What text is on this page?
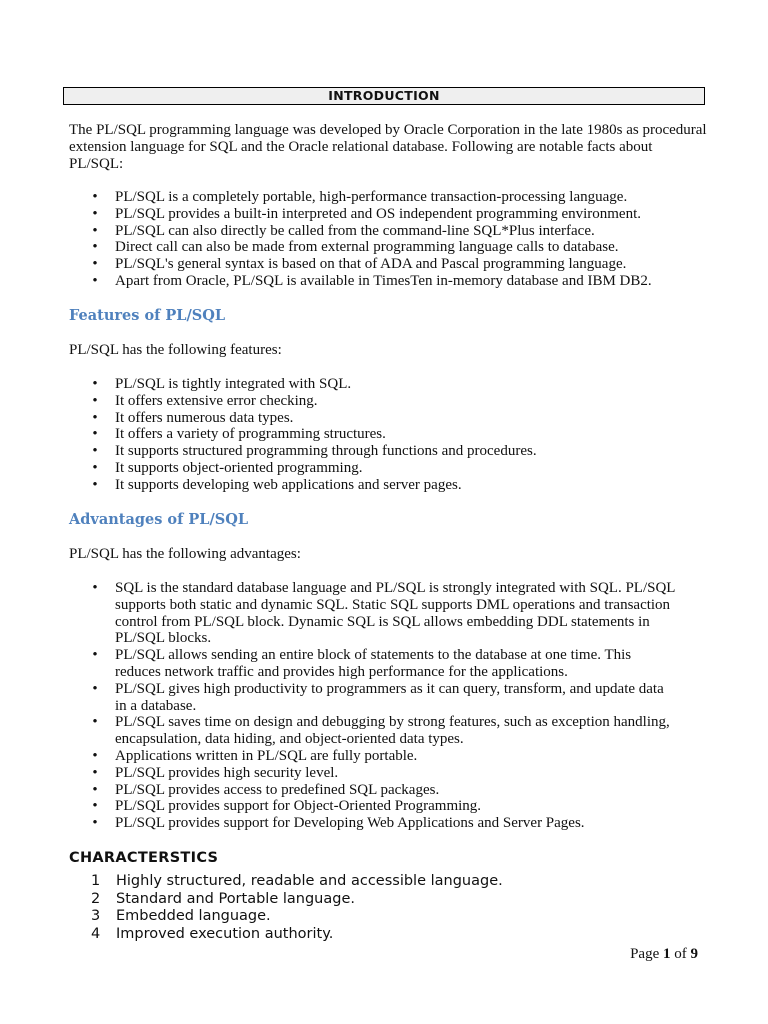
INTRODUCTION

The PL/SQL programming language was developed by Oracle Corporation in the late 1980s as procedural extension language for SQL and the Oracle relational database. Following are notable facts about PL/SQL:

• PL/SQL is a completely portable, high-performance transaction-processing language.
• PL/SQL provides a built-in interpreted and OS independent programming environment.
• PL/SQL can also directly be called from the command-line SQL*Plus interface.
• Direct call can also be made from external programming language calls to database.
• PL/SQL's general syntax is based on that of ADA and Pascal programming language.
• Apart from Oracle, PL/SQL is available in TimesTen in-memory database and IBM DB2.
Features of PL/SQL

PL/SQL has the following features:

• PL/SQL is tightly integrated with SQL.
• It offers extensive error checking.
• It offers numerous data types.
• It offers a variety of programming structures.
• It supports structured programming through functions and procedures.
• It supports object-oriented programming.
• It supports developing web applications and server pages.
Advantages of PL/SQL

PL/SQL has the following advantages:

• SQL is the standard database language and PL/SQL is strongly integrated with SQL. PL/SQL
supports both static and dynamic SQL. Static SQL supports DML operations and transaction
control from PL/SQL block. Dynamic SQL is SQL allows embedding DDL statements in
PL/SQL blocks.
• PL/SQL allows sending an entire block of statements to the database at one time. This
reduces network traffic and provides high performance for the applications.
• PL/SQL gives high productivity to programmers as it can query, transform, and update data
in a database.
• PL/SQL saves time on design and debugging by strong features, such as exception handling,
encapsulation, data hiding, and object-oriented data types.
• Applications written in PL/SQL are fully portable.
• PL/SQL provides high security level.
• PL/SQL provides access to predefined SQL packages.
• PL/SQL provides support for Object-Oriented Programming.
• PL/SQL provides support for Developing Web Applications and Server Pages.
CHARACTERSTICS
1 Highly structured, readable and accessible language.
2 Standard and Portable language.
3 Embedded language.
4 Improved execution authority.
Page 1 of 9
